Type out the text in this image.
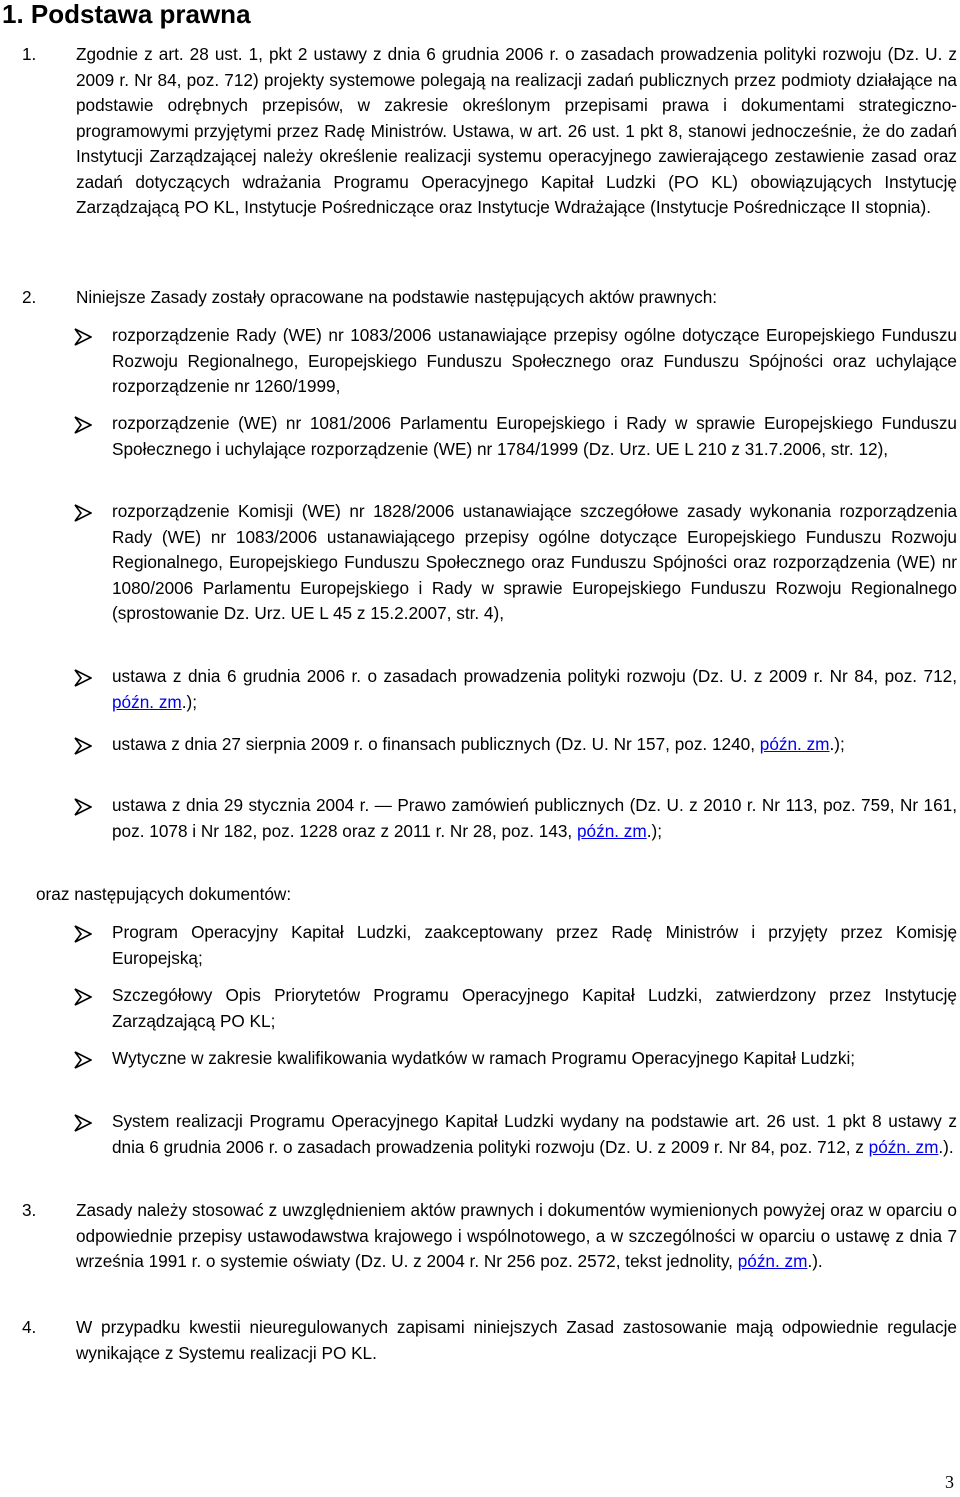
1. Podstawa prawna
1. Zgodnie z art. 28 ust. 1, pkt 2 ustawy z dnia 6 grudnia 2006 r. o zasadach prowadzenia polityki rozwoju (Dz. U. z 2009 r. Nr 84, poz. 712) projekty systemowe polegają na realizacji zadań publicznych przez podmioty działające na podstawie odrębnych przepisów, w zakresie określonym przepisami prawa i dokumentami strategiczno-programowymi przyjętymi przez Radę Ministrów. Ustawa, w art. 26 ust. 1 pkt 8, stanowi jednocześnie, że do zadań Instytucji Zarządzającej należy określenie realizacji systemu operacyjnego zawierającego zestawienie zasad oraz zadań dotyczących wdrażania Programu Operacyjnego Kapitał Ludzki (PO KL) obowiązujących Instytucję Zarządzającą PO KL, Instytucje Pośredniczące oraz Instytucje Wdrażające (Instytucje Pośredniczące II stopnia).

2. Niniejsze Zasady zostały opracowane na podstawie następujących aktów prawnych:

rozporządzenie Rady (WE) nr 1083/2006 ustanawiające przepisy ogólne dotyczące Europejskiego Funduszu Rozwoju Regionalnego, Europejskiego Funduszu Społecznego oraz Funduszu Spójności oraz uchylające rozporządzenie nr 1260/1999,

rozporządzenie (WE) nr 1081/2006 Parlamentu Europejskiego i Rady w sprawie Europejskiego Funduszu Społecznego i uchylające rozporządzenie (WE) nr 1784/1999 (Dz. Urz. UE L 210 z 31.7.2006, str. 12),

rozporządzenie Komisji (WE) nr 1828/2006 ustanawiające szczegółowe zasady wykonania rozporządzenia Rady (WE) nr 1083/2006 ustanawiającego przepisy ogólne dotyczące Europejskiego Funduszu Rozwoju Regionalnego, Europejskiego Funduszu Społecznego oraz Funduszu Spójności oraz rozporządzenia (WE) nr 1080/2006 Parlamentu Europejskiego i Rady w sprawie Europejskiego Funduszu Rozwoju Regionalnego (sprostowanie Dz. Urz. UE L 45 z 15.2.2007, str. 4),

ustawa z dnia 6 grudnia 2006 r. o zasadach prowadzenia polityki rozwoju (Dz. U. z 2009 r. Nr 84, poz. 712, późn. zm.);

ustawa z dnia 27 sierpnia 2009 r. o finansach publicznych (Dz. U. Nr 157, poz. 1240, późn. zm.);

ustawa z dnia 29 stycznia 2004 r. ― Prawo zamówień publicznych (Dz. U. z 2010 r. Nr 113, poz. 759, Nr 161, poz. 1078 i Nr 182, poz. 1228 oraz z 2011 r. Nr 28, poz. 143, późn. zm.);

oraz następujących dokumentów:

Program Operacyjny Kapitał Ludzki, zaakceptowany przez Radę Ministrów i przyjęty przez Komisję Europejską;

Szczegółowy Opis Priorytetów Programu Operacyjnego Kapitał Ludzki, zatwierdzony przez Instytucję Zarządzającą PO KL;

Wytyczne w zakresie kwalifikowania wydatków w ramach Programu Operacyjnego Kapitał Ludzki;

System realizacji Programu Operacyjnego Kapitał Ludzki wydany na podstawie art. 26 ust. 1 pkt 8 ustawy z dnia 6 grudnia 2006 r. o zasadach prowadzenia polityki rozwoju (Dz. U. z 2009 r. Nr 84, poz. 712, z późn. zm.).

3. Zasady należy stosować z uwzględnieniem aktów prawnych i dokumentów wymienionych powyżej oraz w oparciu o odpowiednie przepisy ustawodawstwa krajowego i wspólnotowego, a w szczególności w oparciu o ustawę z dnia 7 września 1991 r. o systemie oświaty (Dz. U. z 2004 r. Nr 256 poz. 2572, tekst jednolity, późn. zm.).

4. W przypadku kwestii nieuregulowanych zapisami niniejszych Zasad zastosowanie mają odpowiednie regulacje wynikające z Systemu realizacji PO KL.

3
